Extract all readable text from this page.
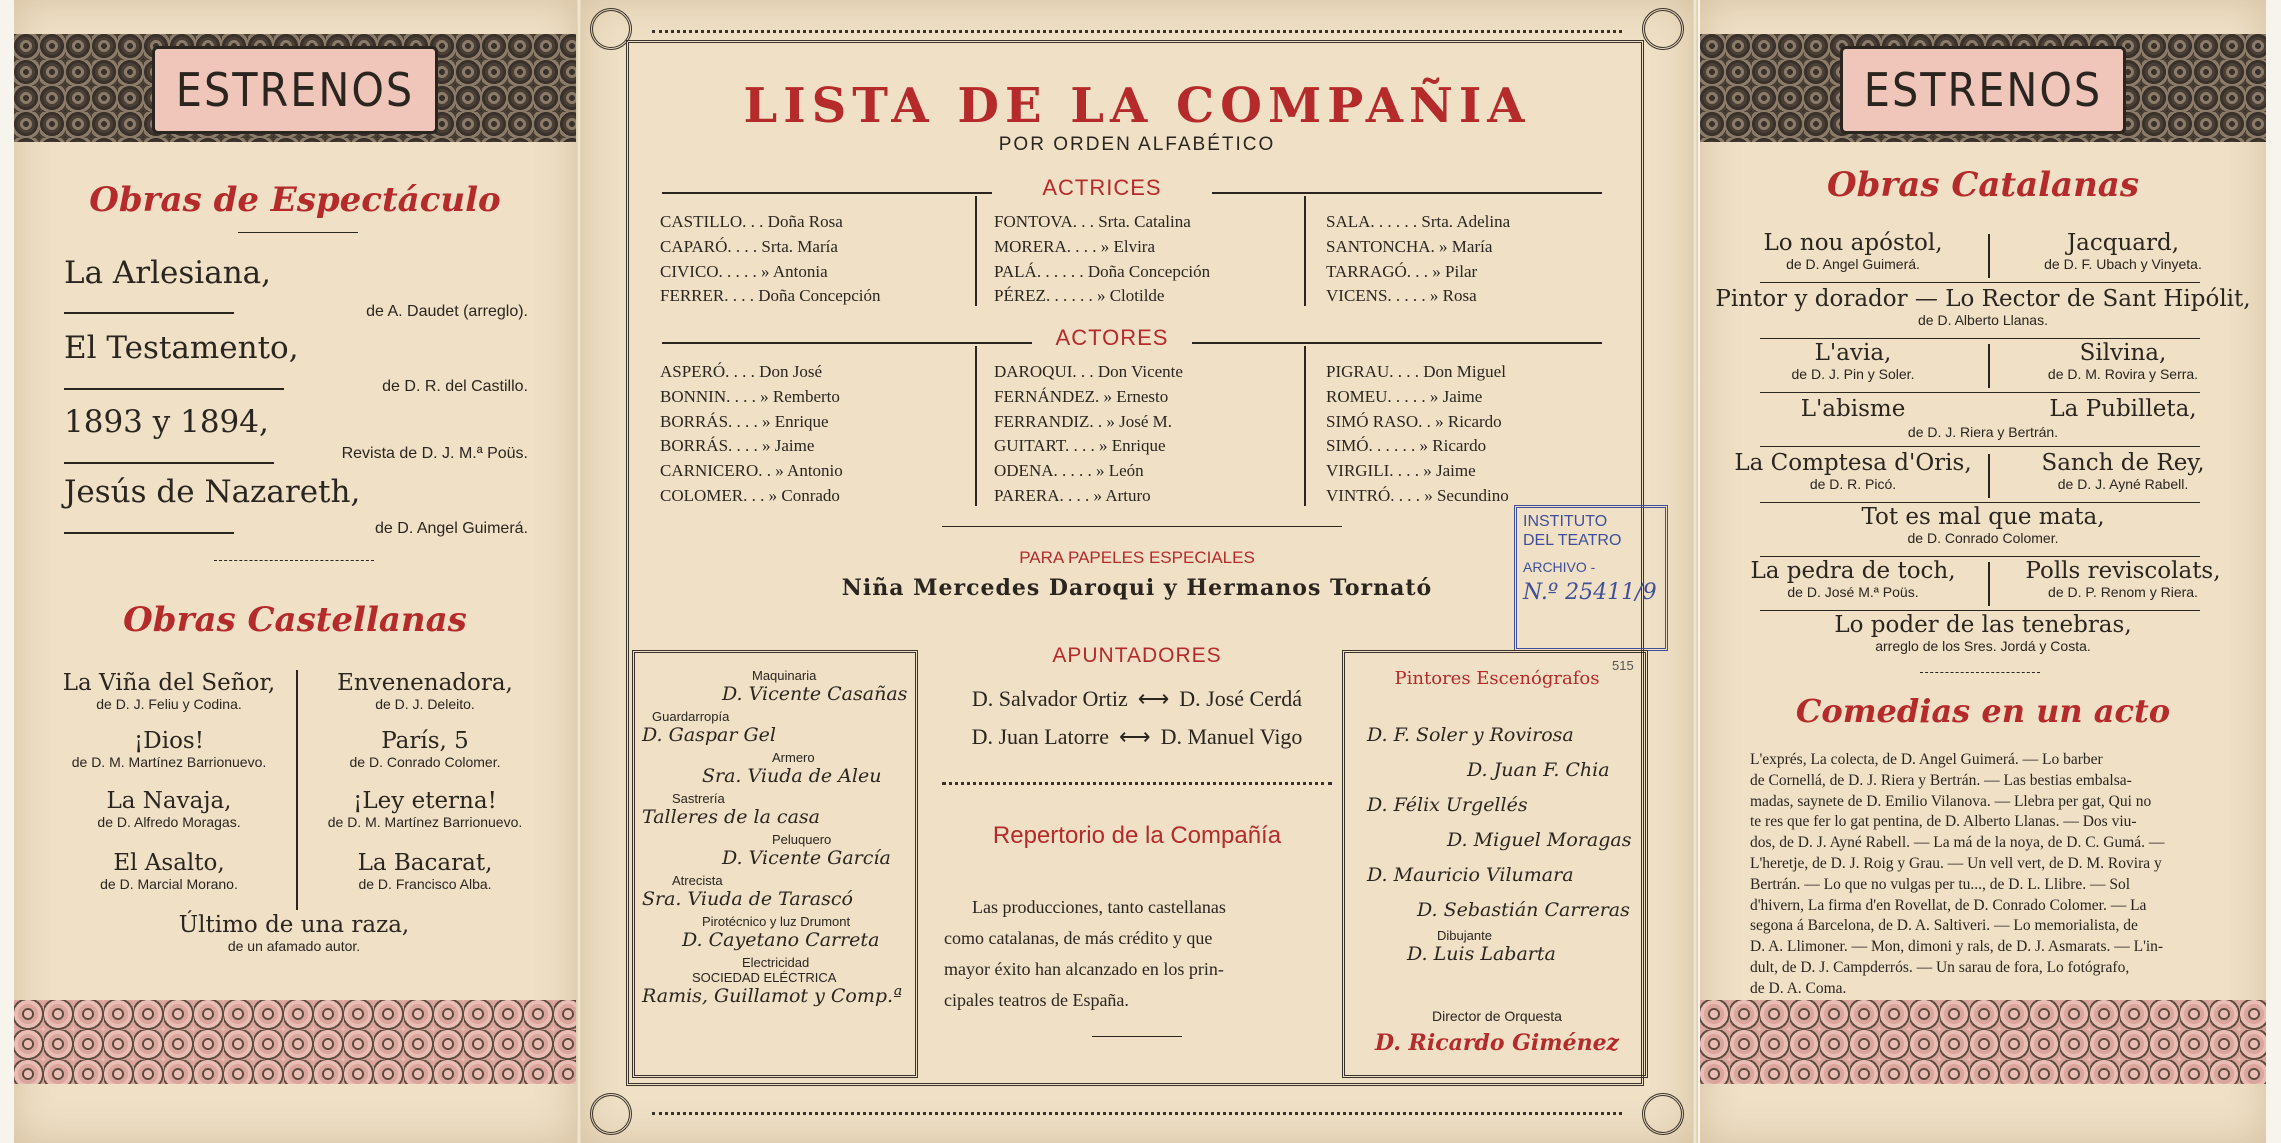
ESTRENOS
Obras de Espectáculo
La Arlesiana,
de A. Daudet (arreglo).
El Testamento,
de D. R. del Castillo.
1893 y 1894,
Revista de D. J. M.ª Poüs.
Jesús de Nazareth,
de D. Angel Guimerá.
Obras Castellanas
La Viña del Señor,
de D. J. Feliu y Codina.
Envenenadora,
de D. J. Deleito.
¡Dios!
de D. M. Martínez Barrionuevo.
París, 5
de D. Conrado Colomer.
La Navaja,
de D. Alfredo Moragas.
¡Ley eterna!
de D. M. Martínez Barrionuevo.
El Asalto,
de D. Marcial Morano.
La Bacarat,
de D. Francisco Alba.
Último de una raza,
de un afamado autor.
LISTA DE LA COMPAÑIA
POR ORDEN ALFABÉTICO
ACTRICES
CASTILLO. . . Doña Rosa
CAPARÓ. . . . Srta. María
CIVICO. . . . . » Antonia
FERRER. . . . Doña Concepción
FONTOVA. . . Srta. Catalina
MORERA. . . . » Elvira
PALÁ. . . . . . Doña Concepción
PÉREZ. . . . . . » Clotilde
SALA. . . . . . Srta. Adelina
SANTONCHA. » María
TARRAGÓ. . . » Pilar
VICENS. . . . . » Rosa
ACTORES
ASPERÓ. . . . Don José
BONNIN. . . . » Remberto
BORRÁS. . . . » Enrique
BORRÁS. . . . » Jaime
CARNICERO. . » Antonio
COLOMER. . . » Conrado
DAROQUI. . . Don Vicente
FERNÁNDEZ. » Ernesto
FERRANDIZ. . » José M.
GUITART. . . . » Enrique
ODENA. . . . . » León
PARERA. . . . » Arturo
PIGRAU. . . . Don Miguel
ROMEU. . . . . » Jaime
SIMÓ RASO. . » Ricardo
SIMÓ. . . . . . » Ricardo
VIRGILI. . . . » Jaime
VINTRÓ. . . . » Secundino
PARA PAPELES ESPECIALES
Niña Mercedes Daroqui y Hermanos Tornató
INSTITUTO
DEL TEATRO
ARCHIVO -
N.º 25411/9
Maquinaria
D. Vicente Casañas
Guardarropía
D. Gaspar Gel
Armero
Sra. Viuda de Aleu
Sastrería
Talleres de la casa
Peluquero
D. Vicente García
Atrecista
Sra. Viuda de Tarascó
Pirotécnico y luz Drumont
D. Cayetano Carreta
Electricidad
SOCIEDAD ELÉCTRICA
Ramis, Guillamot y Comp.ª
APUNTADORES
D. Salvador Ortiz ⟷ D. José Cerdá
D. Juan Latorre ⟷ D. Manuel Vigo
Repertorio de la Compañía
Las producciones, tanto castellanas
como catalanas, de más crédito y que
mayor éxito han alcanzado en los prin-
cipales teatros de España.
Pintores Escenógrafos
515
D. F. Soler y Rovirosa
D. Juan F. Chia
D. Félix Urgellés
D. Miguel Moragas
D. Mauricio Vilumara
D. Sebastián Carreras
Dibujante
D. Luis Labarta
Director de Orquesta
D. Ricardo Giménez
ESTRENOS
Obras Catalanas
Lo nou apóstol,
de D. Angel Guimerá.
Jacquard,
de D. F. Ubach y Vinyeta.
Pintor y dorador — Lo Rector de Sant Hipólit,
de D. Alberto Llanas.
L'avia,
de D. J. Pin y Soler.
Silvina,
de D. M. Rovira y Serra.
L'abisme	La Pubilleta,
de D. J. Riera y Bertrán.
La Comptesa d'Oris,
de D. R. Picó.
Sanch de Rey,
de D. J. Ayné Rabell.
Tot es mal que mata,
de D. Conrado Colomer.
La pedra de toch,
de D. José M.ª Poüs.
Polls reviscolats,
de D. P. Renom y Riera.
Lo poder de las tenebras,
arreglo de los Sres. Jordá y Costa.
Comedias en un acto
L'exprés, La colecta, de D. Angel Guimerá. — Lo barber
de Cornellá, de D. J. Riera y Bertrán. — Las bestias embalsa-
madas, saynete de D. Emilio Vilanova. — Llebra per gat, Qui no
te res que fer lo gat pentina, de D. Alberto Llanas. — Dos viu-
dos, de D. J. Ayné Rabell. — La má de la noya, de D. C. Gumá. —
L'heretje, de D. J. Roig y Grau. — Un vell vert, de D. M. Rovira y
Bertrán. — Lo que no vulgas per tu..., de D. L. Llibre. — Sol
d'hivern, La firma d'en Rovellat, de D. Conrado Colomer. — La
segona á Barcelona, de D. A. Saltiveri. — Lo memorialista, de
D. A. Llimoner. — Mon, dimoni y rals, de D. J. Asmarats. — L'in-
dult, de D. J. Campderrós. — Un sarau de fora, Lo fotógrafo,
de D. A. Coma.
